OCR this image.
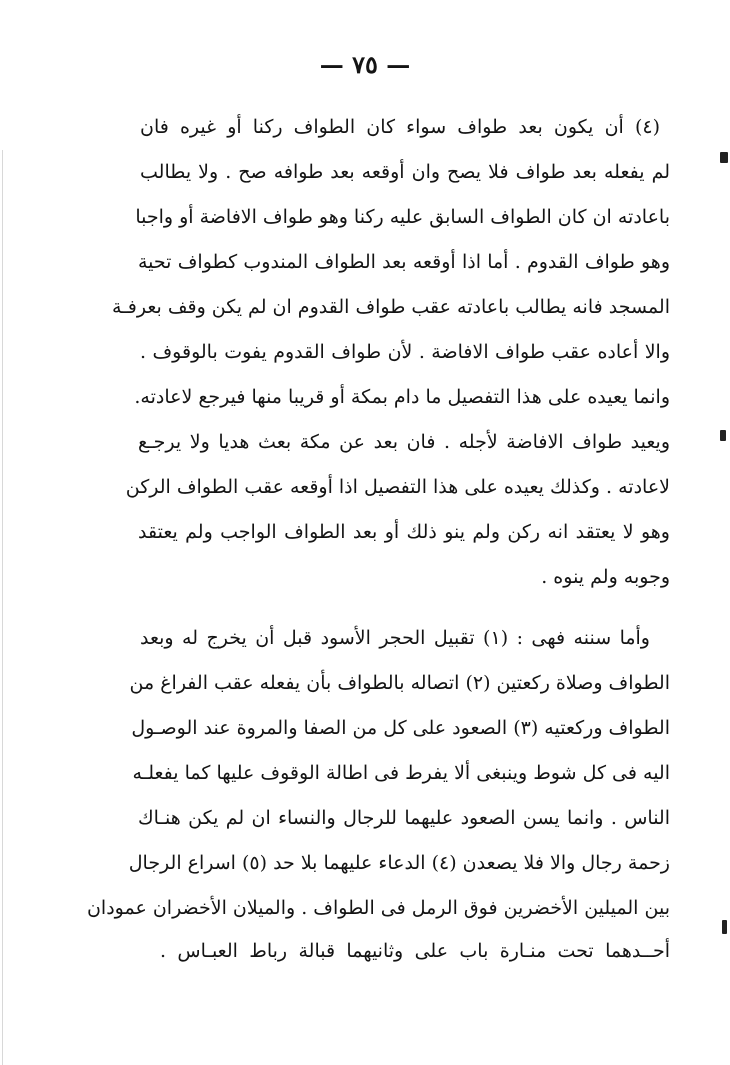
— ٧٥ —
(٤) أن يكون بعد طواف سواء كان الطواف ركنا أو غيره فان
لم يفعله بعد طواف فلا يصح وان أوقعه بعد طوافه صح . ولا يطالب
باعادته ان كان الطواف السابق عليه ركنا وهو طواف الافاضة أو واجبا
وهو طواف القدوم . أما اذا أوقعه بعد الطواف المندوب كطواف تحية
المسجد فانه يطالب باعادته عقب طواف القدوم ان لم يكن وقف بعرفـة
والا أعاده عقب طواف الافاضة . لأن طواف القدوم يفوت بالوقوف .
وانما يعيده على هذا التفصيل ما دام بمكة أو قريبا منها فيرجع لاعادته.
ويعيد طواف الافاضة لأجله . فان بعد عن مكة بعث هديا ولا يرجـع
لاعادته . وكذلك يعيده على هذا التفصيل اذا أوقعه عقب الطواف الركن
وهو لا يعتقد انه ركن ولم ينو ذلك أو بعد الطواف الواجب ولم يعتقد
وجوبه ولم ينوه .
وأما سننه فهى : (١) تقبيل الحجر الأسود قبل أن يخرج له وبعد
الطواف وصلاة ركعتين (٢) اتصاله بالطواف بأن يفعله عقب الفراغ من
الطواف وركعتيه (٣) الصعود على كل من الصفا والمروة عند الوصـول
اليه فى كل شوط وينبغى ألا يفرط فى اطالة الوقوف عليها كما يفعلـه
الناس . وانما يسن الصعود عليهما للرجال والنساء ان لم يكن هنـاك
زحمة رجال والا فلا يصعدن (٤) الدعاء عليهما بلا حد (٥) اسراع الرجال
بين الميلين الأخضرين فوق الرمل فى الطواف . والميلان الأخضران عمودان
أحــدهما تحت منـارة باب على وثانيهما قبالة رباط العبـاس .
